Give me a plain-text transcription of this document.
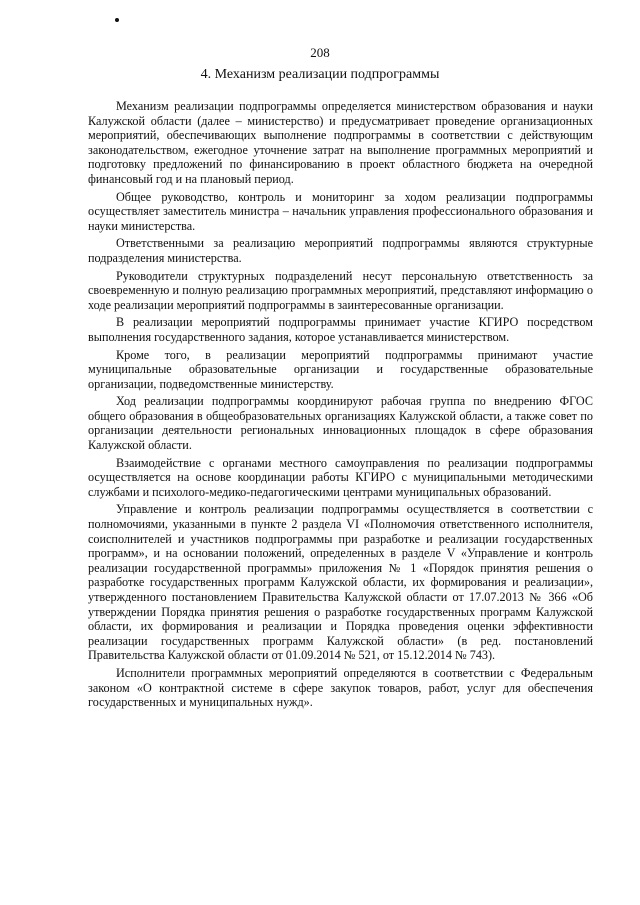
208
4. Механизм реализации подпрограммы

Механизм реализации подпрограммы определяется министерством образования и науки Калужской области (далее – министерство) и предусматривает проведение организационных мероприятий, обеспечивающих выполнение подпрограммы в соответствии с действующим законодательством, ежегодное уточнение затрат на выполнение программных мероприятий и подготовку предложений по финансированию в проект областного бюджета на очередной финансовый год и на плановый период.

Общее руководство, контроль и мониторинг за ходом реализации подпрограммы осуществляет заместитель министра – начальник управления профессионального образования и науки министерства.

Ответственными за реализацию мероприятий подпрограммы являются структурные подразделения министерства.

Руководители структурных подразделений несут персональную ответственность за своевременную и полную реализацию программных мероприятий, представляют информацию о ходе реализации мероприятий подпрограммы в заинтересованные организации.

В реализации мероприятий подпрограммы принимает участие КГИРО посредством выполнения государственного задания, которое устанавливается министерством.

Кроме того, в реализации мероприятий подпрограммы принимают участие муниципальные образовательные организации и государственные образовательные организации, подведомственные министерству.

Ход реализации подпрограммы координируют рабочая группа по внедрению ФГОС общего образования в общеобразовательных организациях Калужской области, а также совет по организации деятельности региональных инновационных площадок в сфере образования Калужской области.

Взаимодействие с органами местного самоуправления по реализации подпрограммы осуществляется на основе координации работы КГИРО с муниципальными методическими службами и психолого-медико-педагогическими центрами муниципальных образований.

Управление и контроль реализации подпрограммы осуществляется в соответствии с полномочиями, указанными в пункте 2 раздела VI «Полномочия ответственного исполнителя, соисполнителей и участников подпрограммы при разработке и реализации государственных программ», и на основании положений, определенных в разделе V «Управление и контроль реализации государственной программы» приложения № 1 «Порядок принятия решения о разработке государственных программ Калужской области, их формирования и реализации», утвержденного постановлением Правительства Калужской области от 17.07.2013 № 366 «Об утверждении Порядка принятия решения о разработке государственных программ Калужской области, их формирования и реализации и Порядка проведения оценки эффективности реализации государственных программ Калужской области» (в ред. постановлений Правительства Калужской области от 01.09.2014 № 521, от 15.12.2014 № 743).

Исполнители программных мероприятий определяются в соответствии с Федеральным законом «О контрактной системе в сфере закупок товаров, работ, услуг для обеспечения государственных и муниципальных нужд».
